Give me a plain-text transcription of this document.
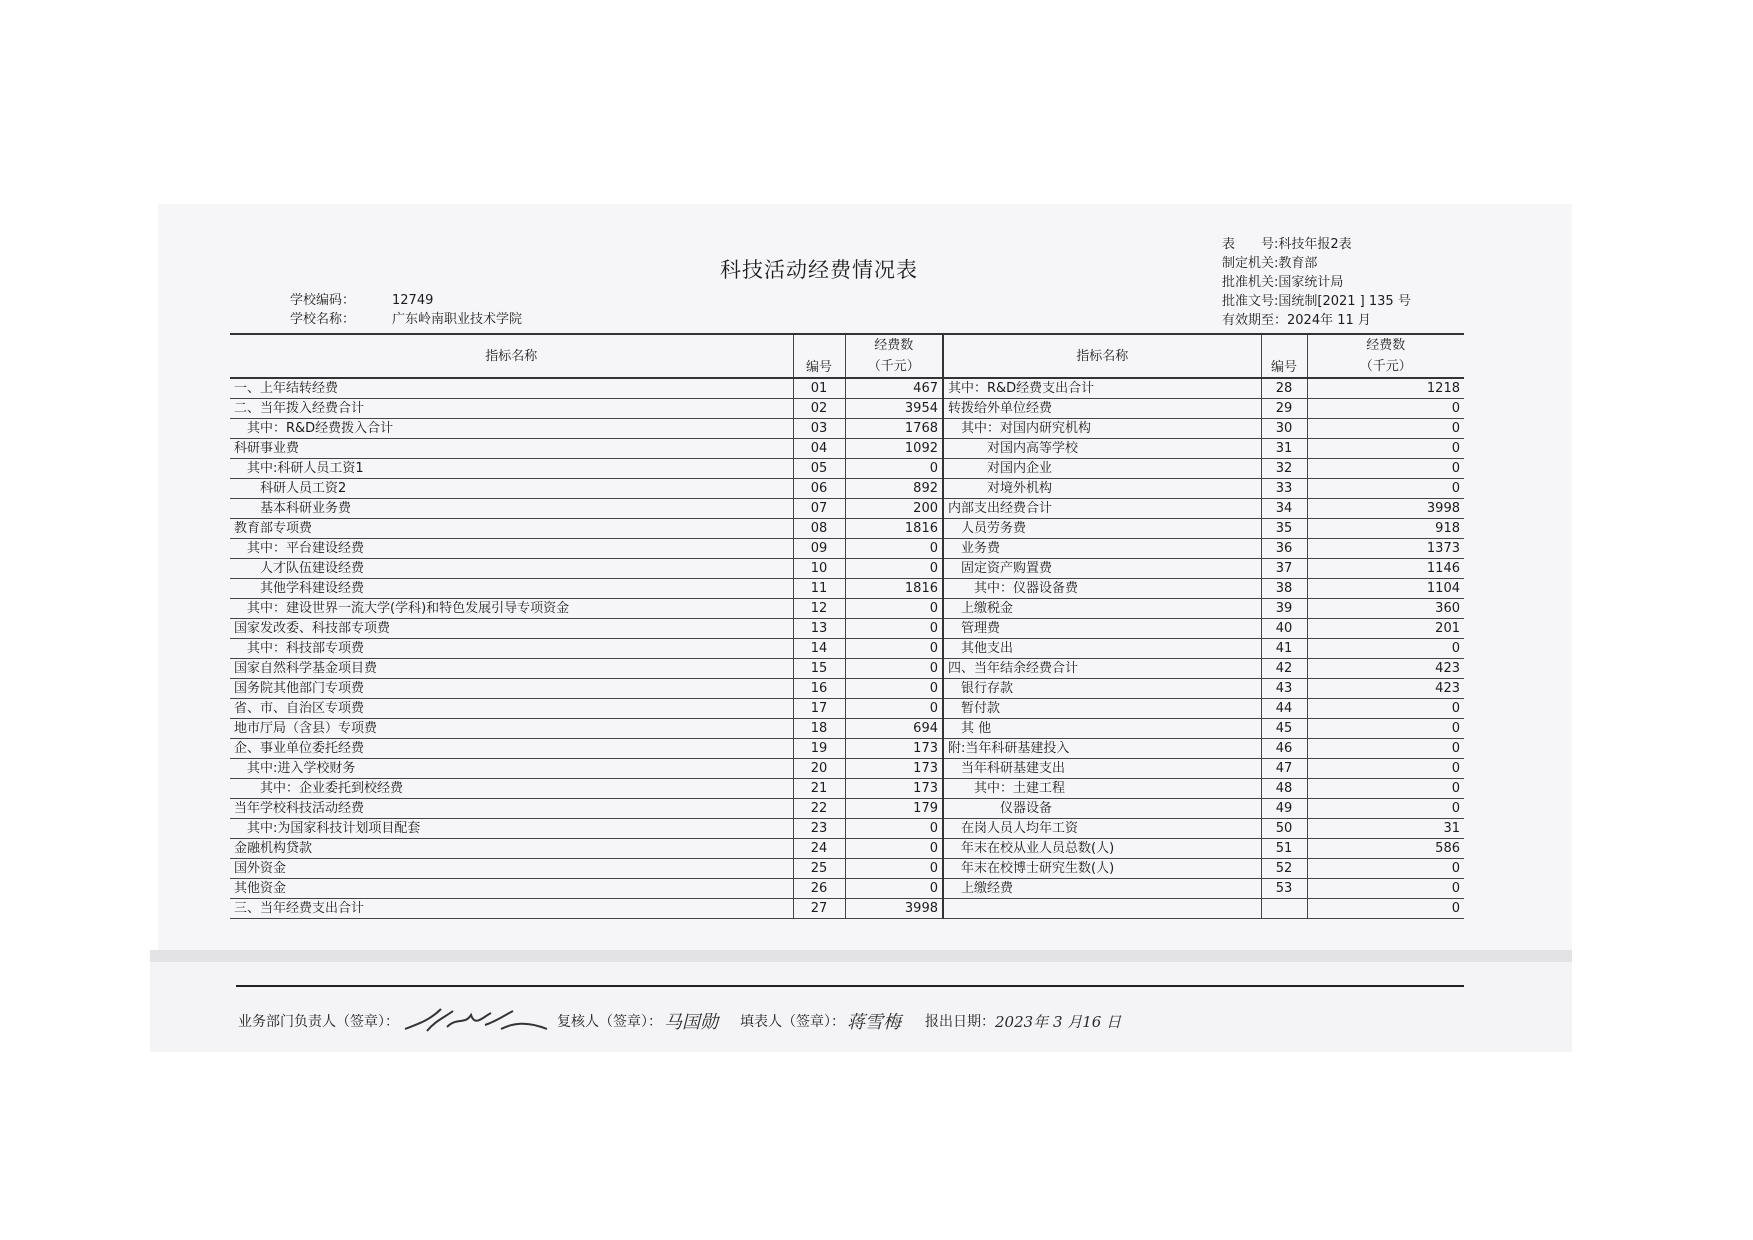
科技活动经费情况表
学校编码：	12749
学校名称：	广东岭南职业技术学院
表　　号:科技年报2表
制定机关:教育部
批准机关:国家统计局
批准文号:国统制[2021 ] 135 号
有效期至：2024年 11 月
指标名称	编号	经费数	指标名称	编号	经费数
		（千元）			（千元）
一、上年结转经费	01	467	其中：R&D经费支出合计	28	1218
二、当年拨入经费合计	02	3954	转拨给外单位经费	29	0
　其中：R&D经费拨入合计	03	1768	　其中：对国内研究机构	30	0
科研事业费	04	1092	　　　对国内高等学校	31	0
　其中:科研人员工资1	05	0	　　　对国内企业	32	0
　　科研人员工资2	06	892	　　　对境外机构	33	0
　　基本科研业务费	07	200	内部支出经费合计	34	3998
教育部专项费	08	1816	　人员劳务费	35	918
　其中：平台建设经费	09	0	　业务费	36	1373
　　人才队伍建设经费	10	0	　固定资产购置费	37	1146
　　其他学科建设经费	11	1816	　　其中：仪器设备费	38	1104
　其中：建设世界一流大学(学科)和特色发展引导专项资金	12	0	　上缴税金	39	360
国家发改委、科技部专项费	13	0	　管理费	40	201
　其中：科技部专项费	14	0	　其他支出	41	0
国家自然科学基金项目费	15	0	四、当年结余经费合计	42	423
国务院其他部门专项费	16	0	　银行存款	43	423
省、市、自治区专项费	17	0	　暂付款	44	0
地市厅局（含县）专项费	18	694	　其 他	45	0
企、事业单位委托经费	19	173	附:当年科研基建投入	46	0
　其中:进入学校财务	20	173	　当年科研基建支出	47	0
　　其中：企业委托到校经费	21	173	　　其中：土建工程	48	0
当年学校科技活动经费	22	179	　　　　仪器设备	49	0
　其中:为国家科技计划项目配套	23	0	　在岗人员人均年工资	50	31
金融机构贷款	24	0	　年末在校从业人员总数(人)	51	586
国外资金	25	0	　年末在校博士研究生数(人)	52	0
其他资金	26	0	　上缴经费	53	0
三、当年经费支出合计	27	3998			0
业务部门负责人（签章）：	复核人（签章）： 马国勋 填表人（签章）： 蒋雪梅 报出日期： 2023年 3 月16 日
